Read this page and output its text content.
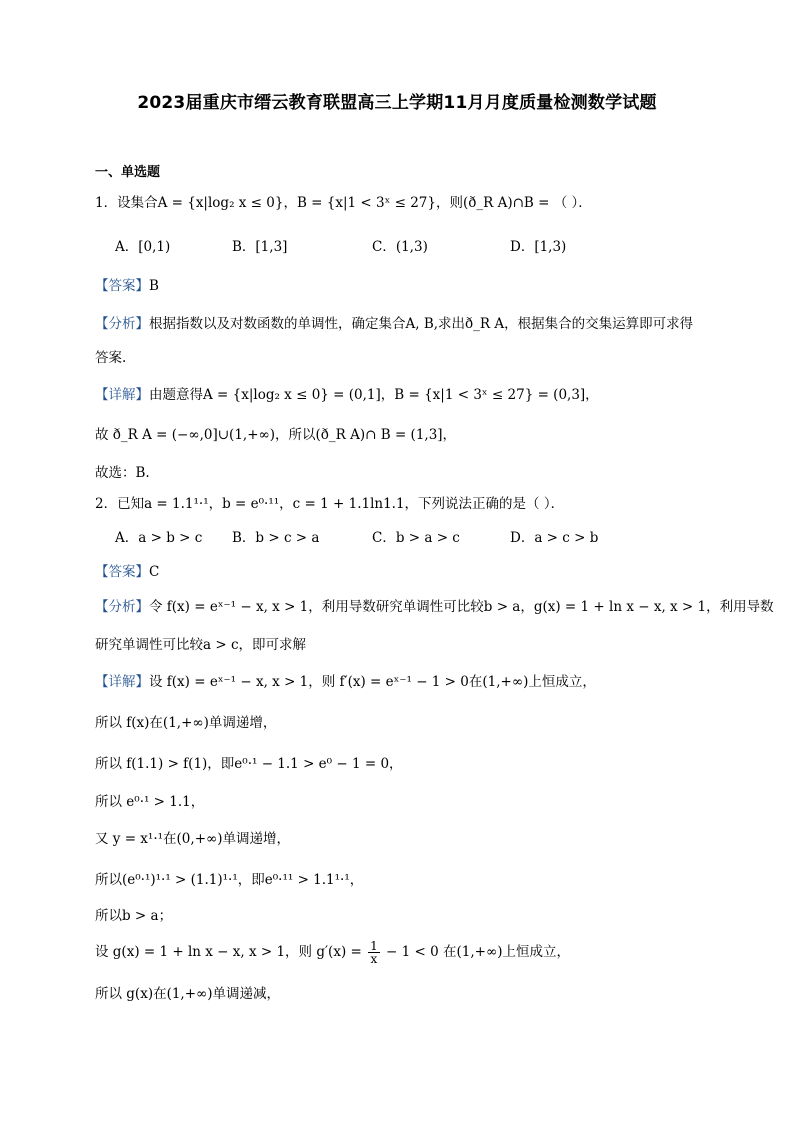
2023届重庆市缙云教育联盟高三上学期11月月度质量检测数学试题
一、单选题
1．设集合A = {x|log₂ x ≤ 0}，B = {x|1 < 3ˣ ≤ 27}，则(ð_R A)∩B = （ ）．
A．[0,1)	B．[1,3]	C．(1,3)	D．[1,3)
【答案】B
【分析】根据指数以及对数函数的单调性，确定集合A, B,求出ð_R A，根据集合的交集运算即可求得
答案.
【详解】由题意得A = {x|log₂ x ≤ 0} = (0,1]，B = {x|1 < 3ˣ ≤ 27} = (0,3]，
故 ð_R A = (−∞,0]∪(1,+∞)，所以(ð_R A)∩ B = (1,3]，
故选：B.
2．已知a = 1.1¹·¹，b = e⁰·¹¹，c = 1 + 1.1ln1.1，下列说法正确的是（ ）．
A．a > b > c B．b > c > a	C．b > a > c	D．a > c > b
【答案】C
【分析】令 f(x) = eˣ⁻¹ − x, x > 1，利用导数研究单调性可比较b > a，g(x) = 1 + ln x − x, x > 1，利用导数
研究单调性可比较a > c，即可求解
【详解】设 f(x) = eˣ⁻¹ − x, x > 1，则 f′(x) = eˣ⁻¹ − 1 > 0在(1,+∞)上恒成立，
所以 f(x)在(1,+∞)单调递增，
所以 f(1.1) > f(1)，即e⁰·¹ − 1.1 > e⁰ − 1 = 0，
所以 e⁰·¹ > 1.1，
又 y = x¹·¹在(0,+∞)单调递增，
所以(e⁰·¹)¹·¹ > (1.1)¹·¹，即e⁰·¹¹ > 1.1¹·¹，
所以b > a；
设 g(x) = 1 + ln x − x, x > 1，则 $g'(x) = \frac{1}{x} - 1 < 0$ 在(1,+∞)上恒成立，
所以 g(x)在(1,+∞)单调递减，
